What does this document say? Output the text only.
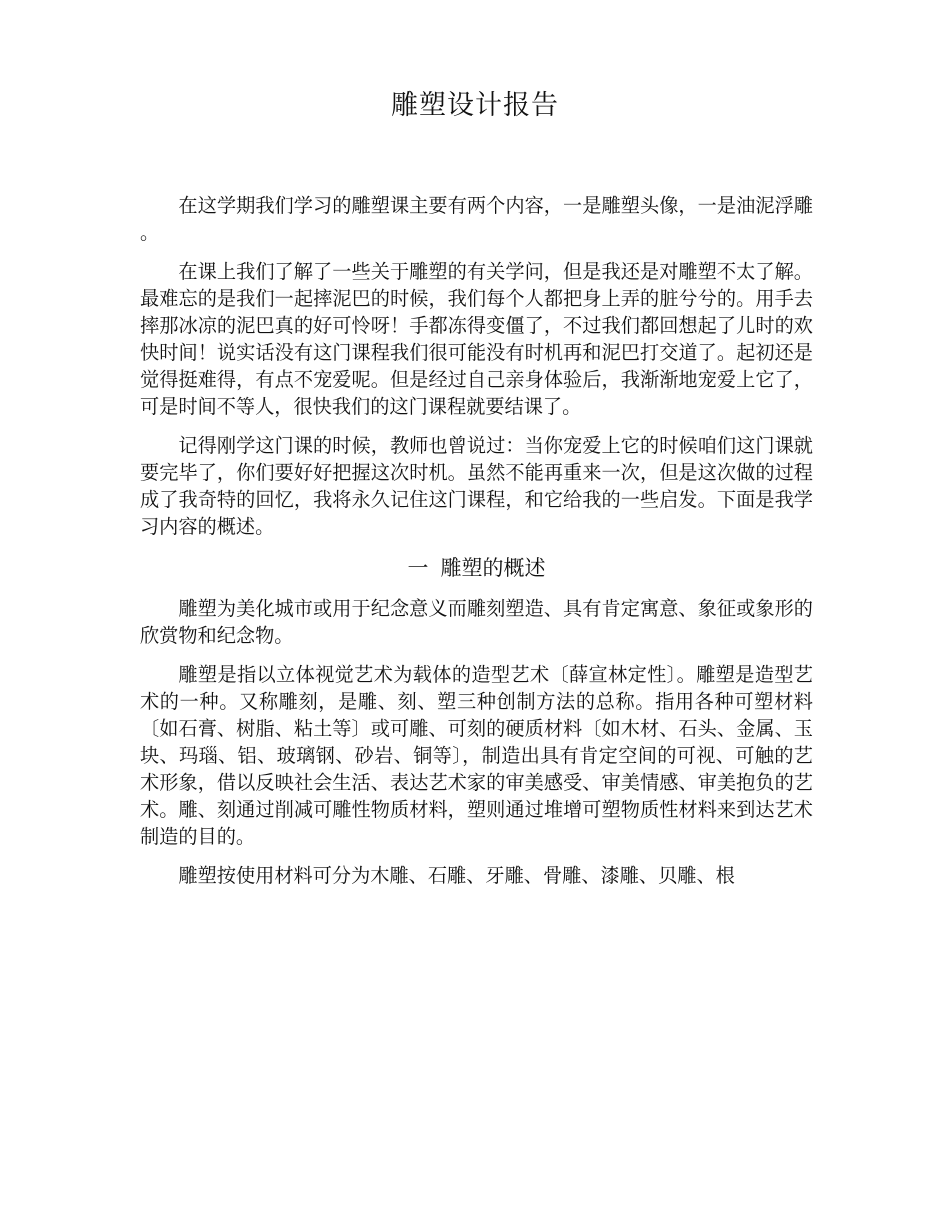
雕塑设计报告

在这学期我们学习的雕塑课主要有两个内容，一是雕塑头像，一是油泥浮雕 。

在课上我们了解了一些关于雕塑的有关学问，但是我还是对雕塑不太了解。最难忘的是我们一起摔泥巴的时候，我们每个人都把身上弄的脏兮兮的。用手去摔那冰凉的泥巴真的好可怜呀！手都冻得变僵了，不过我们都回想起了儿时的欢快时间！说实话没有这门课程我们很可能没有时机再和泥巴打交道了。起初还是觉得挺难得，有点不宠爱呢。但是经过自己亲身体验后，我渐渐地宠爱上它了，可是时间不等人，很快我们的这门课程就要结课了。

记得刚学这门课的时候，教师也曾说过：当你宠爱上它的时候咱们这门课就要完毕了，你们要好好把握这次时机。虽然不能再重来一次，但是这次做的过程成了我奇特的回忆，我将永久记住这门课程，和它给我的一些启发。下面是我学习内容的概述。

一 雕塑的概述

雕塑为美化城市或用于纪念意义而雕刻塑造、具有肯定寓意、象征或象形的欣赏物和纪念物。

雕塑是指以立体视觉艺术为载体的造型艺术〔薛宣林定性〕。雕塑是造型艺术的一种。又称雕刻，是雕、刻、塑三种创制方法的总称。指用各种可塑材料〔如石膏、树脂、粘土等〕或可雕、可刻的硬质材料〔如木材、石头、金属、玉块、玛瑙、铝、玻璃钢、砂岩、铜等〕，制造出具有肯定空间的可视、可触的艺术形象，借以反映社会生活、表达艺术家的审美感受、审美情感、审美抱负的艺术。雕、刻通过削减可雕性物质材料，塑则通过堆增可塑物质性材料来到达艺术制造的目的。

雕塑按使用材料可分为木雕、石雕、牙雕、骨雕、漆雕、贝雕、根
